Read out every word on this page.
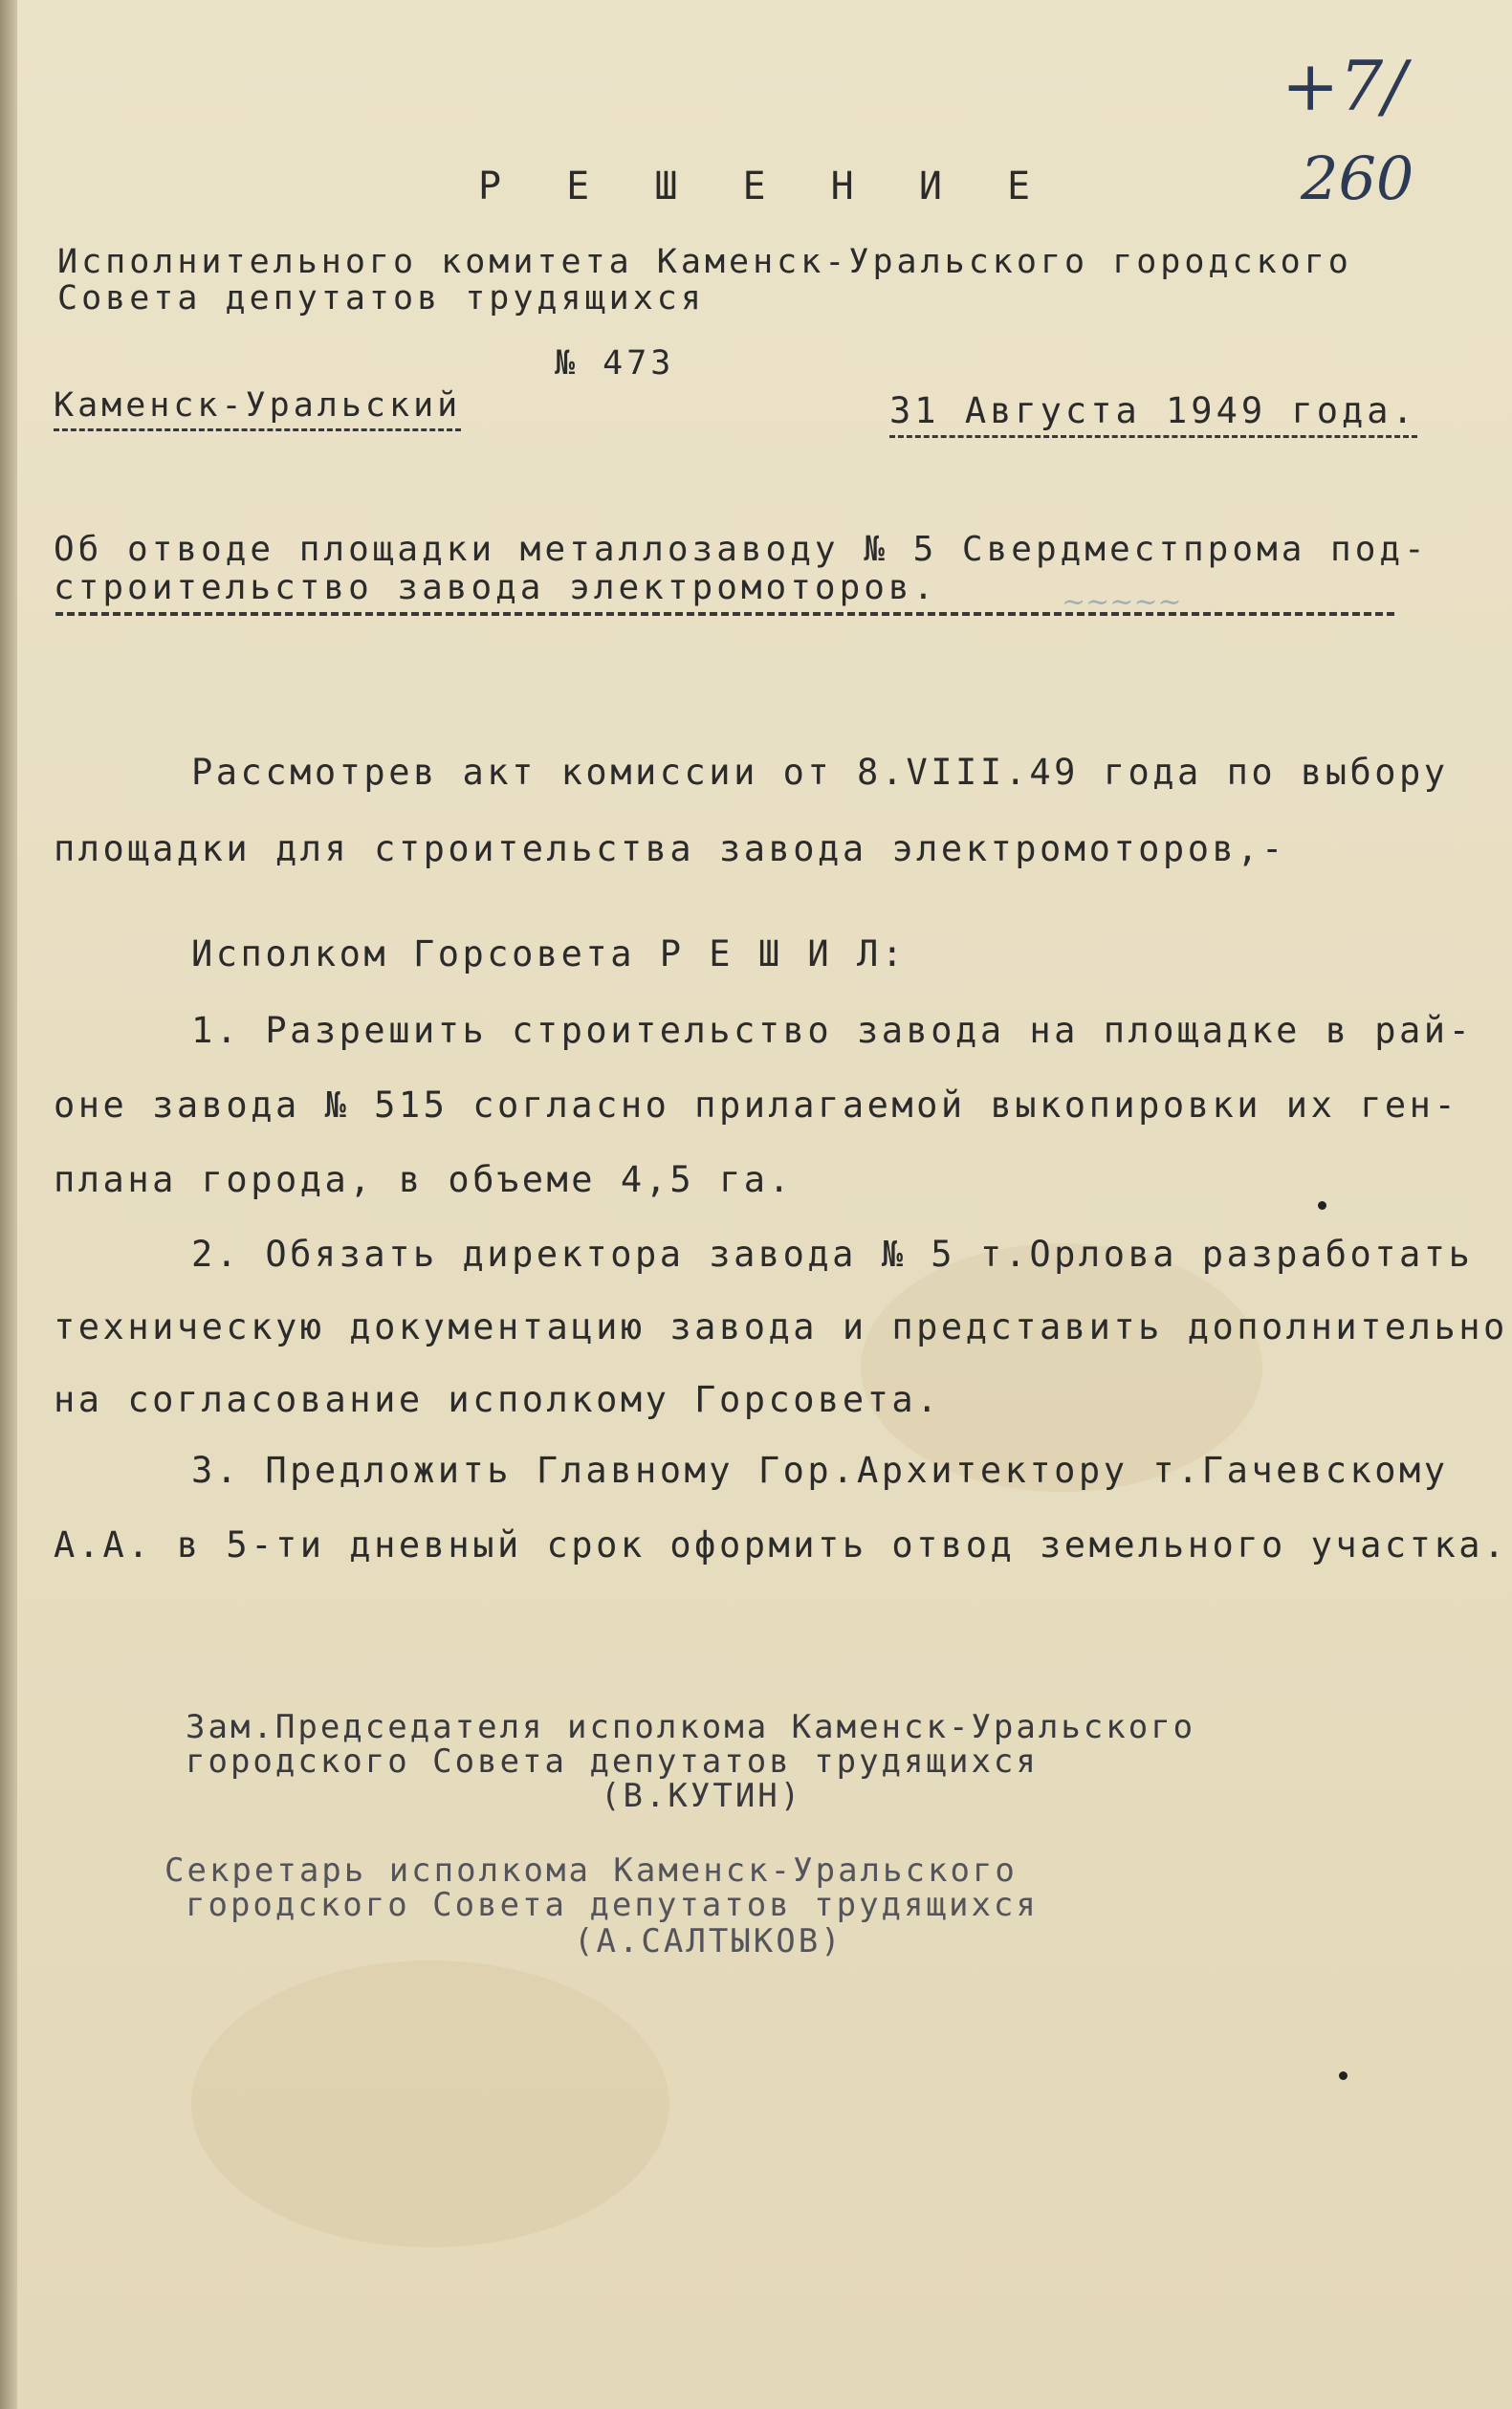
+7/
260
Р Е Ш Е Н И Е
Исполнительного комитета Каменск-Уральского городского
Совета депутатов трудящихся
№ 473
Каменск-Уральский	31 Августа 1949 года.
Об отводе площадки металлозаводу № 5 Свердместпрома под-
строительство завода электромоторов.	~~~~~
Рассмотрев акт комиссии от 8.VIII.49 года по выбору
площадки для строительства завода электромоторов,-
Исполком Горсовета Р Е Ш И Л:
1. Разрешить строительство завода на площадке в рай-
оне завода № 515 согласно прилагаемой выкопировки их ген-
плана города, в объеме 4,5 га.
2. Обязать директора завода № 5 т.Орлова разработать
техническую документацию завода и представить дополнительно
на согласование исполкому Горсовета.
3. Предложить Главному Гор.Архитектору т.Гачевскому
А.А. в 5-ти дневный срок оформить отвод земельного участка.
Зам.Председателя исполкома Каменск-Уральского
городского Совета депутатов трудящихся
(В.КУТИН)
Секретарь исполкома Каменск-Уральского
городского Совета депутатов трудящихся
(А.САЛТЫКОВ)
